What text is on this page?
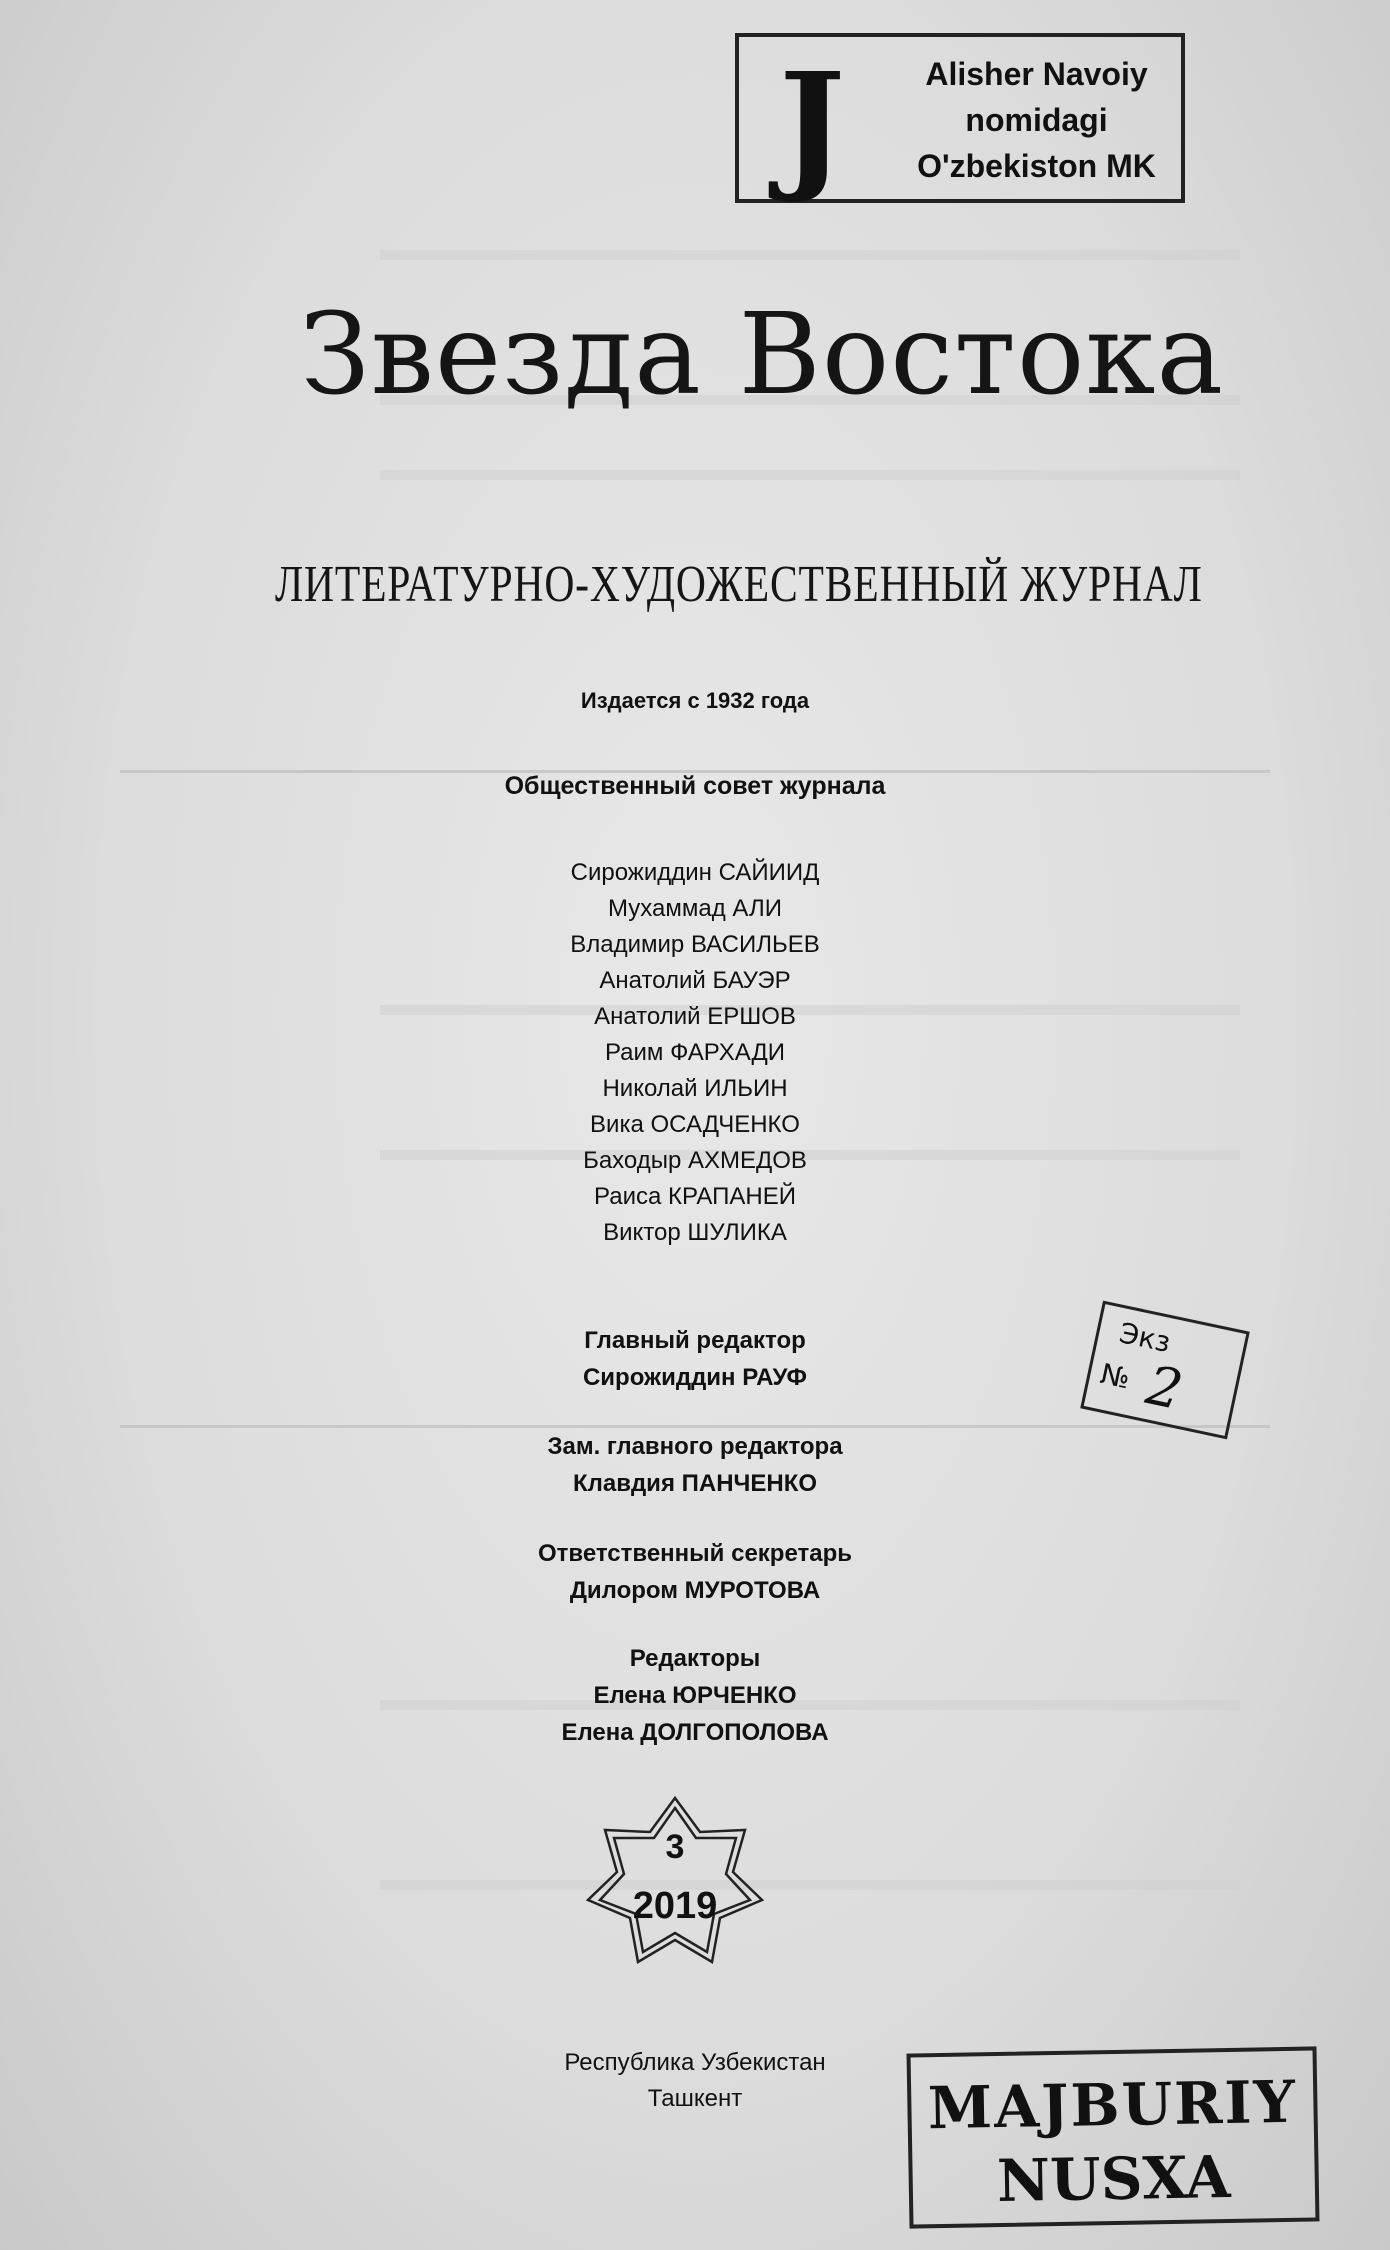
J	Alisher Navoiy
nomidagi
O'zbekiston MK
Звезда Востока
ЛИТЕРАТУРНО-ХУДОЖЕСТВЕННЫЙ ЖУРНАЛ
Издается с 1932 года
Общественный совет журнала
Сирожиддин САЙИИД
Мухаммад АЛИ
Владимир ВАСИЛЬЕВ
Анатолий БАУЭР
Анатолий ЕРШОВ
Раим ФАРХАДИ
Николай ИЛЬИН
Вика ОСАДЧЕНКО
Баходыр АХМЕДОВ
Раиса КРАПАНЕЙ
Виктор ШУЛИКА
Главный редактор
Сирожиддин РАУФ
Зам. главного редактора
Клавдия ПАНЧЕНКО
Ответственный секретарь
Дилором МУРОТОВА
Редакторы
Елена ЮРЧЕНКО
Елена ДОЛГОПОЛОВА
3
2019
Республика Узбекистан
Ташкент
Экз
№ 2
MAJBURIY
NUSXA
